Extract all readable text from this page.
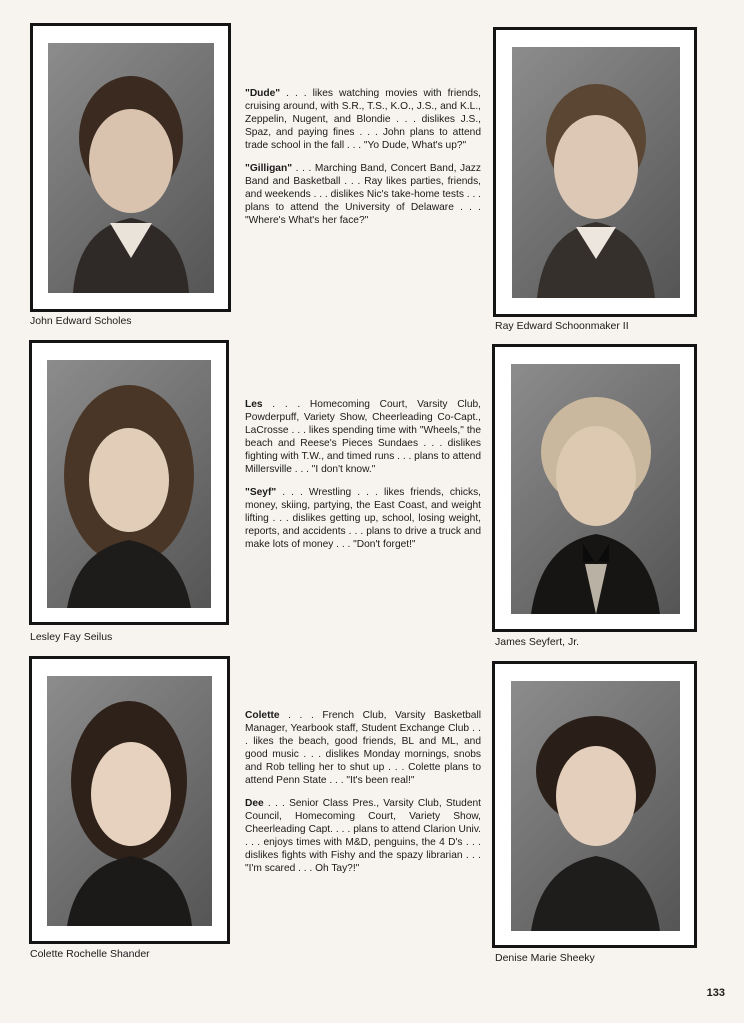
John Edward Scholes	Ray Edward Schoonmaker II

"Dude" . . . likes watching movies with friends, cruising around, with S.R., T.S., K.O., J.S., and K.L., Zeppelin, Nugent, and Blondie . . . dislikes J.S., Spaz, and paying fines . . . John plans to attend trade school in the fall . . . "Yo Dude, What's up?"

"Gilligan" . . . Marching Band, Concert Band, Jazz Band and Basketball . . . Ray likes parties, friends, and weekends . . . dislikes Nic's take-home tests . . . plans to attend the University of Delaware . . . "Where's What's her face?"

Lesley Fay Seilus	James Seyfert, Jr.

Les . . . Homecoming Court, Varsity Club, Powderpuff, Variety Show, Cheerleading Co-Capt., LaCrosse . . . likes spending time with "Wheels," the beach and Reese's Pieces Sundaes . . . dislikes fighting with T.W., and timed runs . . . plans to attend Millersville . . . "I don't know."

"Seyf" . . . Wrestling . . . likes friends, chicks, money, skiing, partying, the East Coast, and weight lifting . . . dislikes getting up, school, losing weight, reports, and accidents . . . plans to drive a truck and make lots of money . . . "Don't forget!"

Colette Rochelle Shander	Denise Marie Sheeky

Colette . . . French Club, Varsity Basketball Manager, Yearbook staff, Student Exchange Club . . . likes the beach, good friends, BL and ML, and good music . . . dislikes Monday mornings, snobs and Rob telling her to shut up . . . Colette plans to attend Penn State . . . "It's been real!"

Dee . . . Senior Class Pres., Varsity Club, Student Council, Homecoming Court, Variety Show, Cheerleading Capt. . . . plans to attend Clarion Univ. . . . enjoys times with M&D, penguins, the 4 D's . . . dislikes fights with Fishy and the spazy librarian . . . "I'm scared . . . Oh Tay?!"

133
